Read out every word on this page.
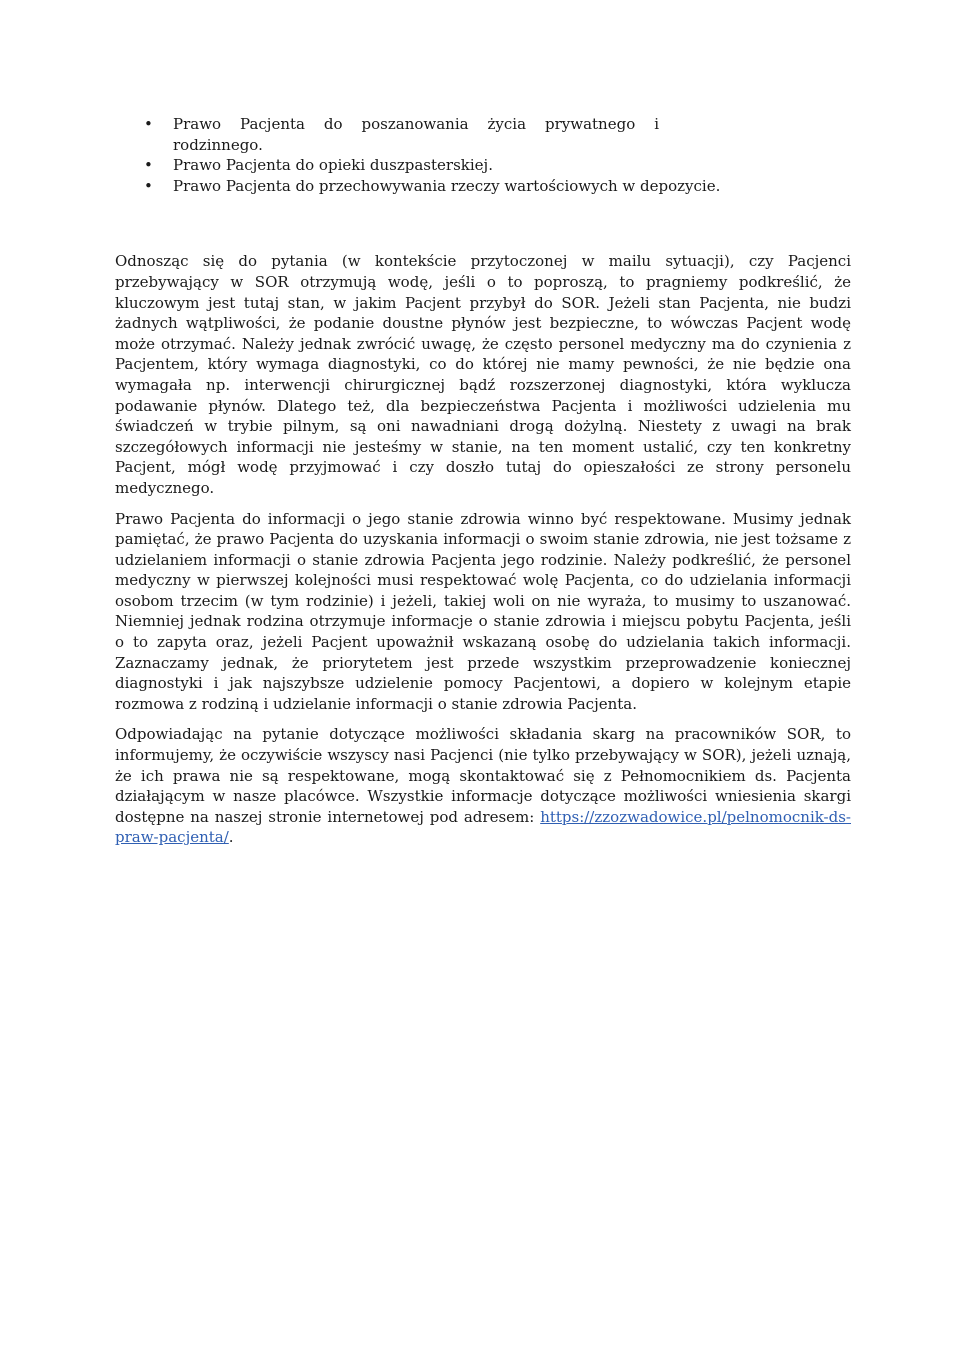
• Prawo Pacjenta do poszanowania życia prywatnego i rodzinnego.
• Prawo Pacjenta do opieki duszpasterskiej.
• Prawo Pacjenta do przechowywania rzeczy wartościowych w depozycie.

Odnosząc się do pytania (w kontekście przytoczonej w mailu sytuacji), czy Pacjenci przebywający w SOR otrzymują wodę, jeśli o to poproszą, to pragniemy podkreślić, że kluczowym jest tutaj stan, w jakim Pacjent przybył do SOR. Jeżeli stan Pacjenta, nie budzi żadnych wątpliwości, że podanie doustne płynów jest bezpieczne, to wówczas Pacjent wodę może otrzymać. Należy jednak zwrócić uwagę, że często personel medyczny ma do czynienia z Pacjentem, który wymaga diagnostyki, co do której nie mamy pewności, że nie będzie ona wymagała np. interwencji chirurgicznej bądź rozszerzonej diagnostyki, która wyklucza podawanie płynów. Dlatego też, dla bezpieczeństwa Pacjenta i możliwości udzielenia mu świadczeń w trybie pilnym, są oni nawadniani drogą dożylną. Niestety z uwagi na brak szczegółowych informacji nie jesteśmy w stanie, na ten moment ustalić, czy ten konkretny Pacjent, mógł wodę przyjmować i czy doszło tutaj do opieszałości ze strony personelu medycznego.

Prawo Pacjenta do informacji o jego stanie zdrowia winno być respektowane. Musimy jednak pamiętać, że prawo Pacjenta do uzyskania informacji o swoim stanie zdrowia, nie jest tożsame z udzielaniem informacji o stanie zdrowia Pacjenta jego rodzinie. Należy podkreślić, że personel medyczny w pierwszej kolejności musi respektować wolę Pacjenta, co do udzielania informacji osobom trzecim (w tym rodzinie) i jeżeli, takiej woli on nie wyraża, to musimy to uszanować. Niemniej jednak rodzina otrzymuje informacje o stanie zdrowia i miejscu pobytu Pacjenta, jeśli o to zapyta oraz, jeżeli Pacjent upoważnił wskazaną osobę do udzielania takich informacji. Zaznaczamy jednak, że priorytetem jest przede wszystkim przeprowadzenie koniecznej diagnostyki i jak najszybsze udzielenie pomocy Pacjentowi, a dopiero w kolejnym etapie rozmowa z rodziną i udzielanie informacji o stanie zdrowia Pacjenta.

Odpowiadając na pytanie dotyczące możliwości składania skarg na pracowników SOR, to informujemy, że oczywiście wszyscy nasi Pacjenci (nie tylko przebywający w SOR), jeżeli uznają, że ich prawa nie są respektowane, mogą skontaktować się z Pełnomocnikiem ds. Pacjenta działającym w nasze placówce. Wszystkie informacje dotyczące możliwości wniesienia skargi dostępne na naszej stronie internetowej pod adresem: https://zzozwadowice.pl/pelnomocnik-ds-praw-pacjenta/.
